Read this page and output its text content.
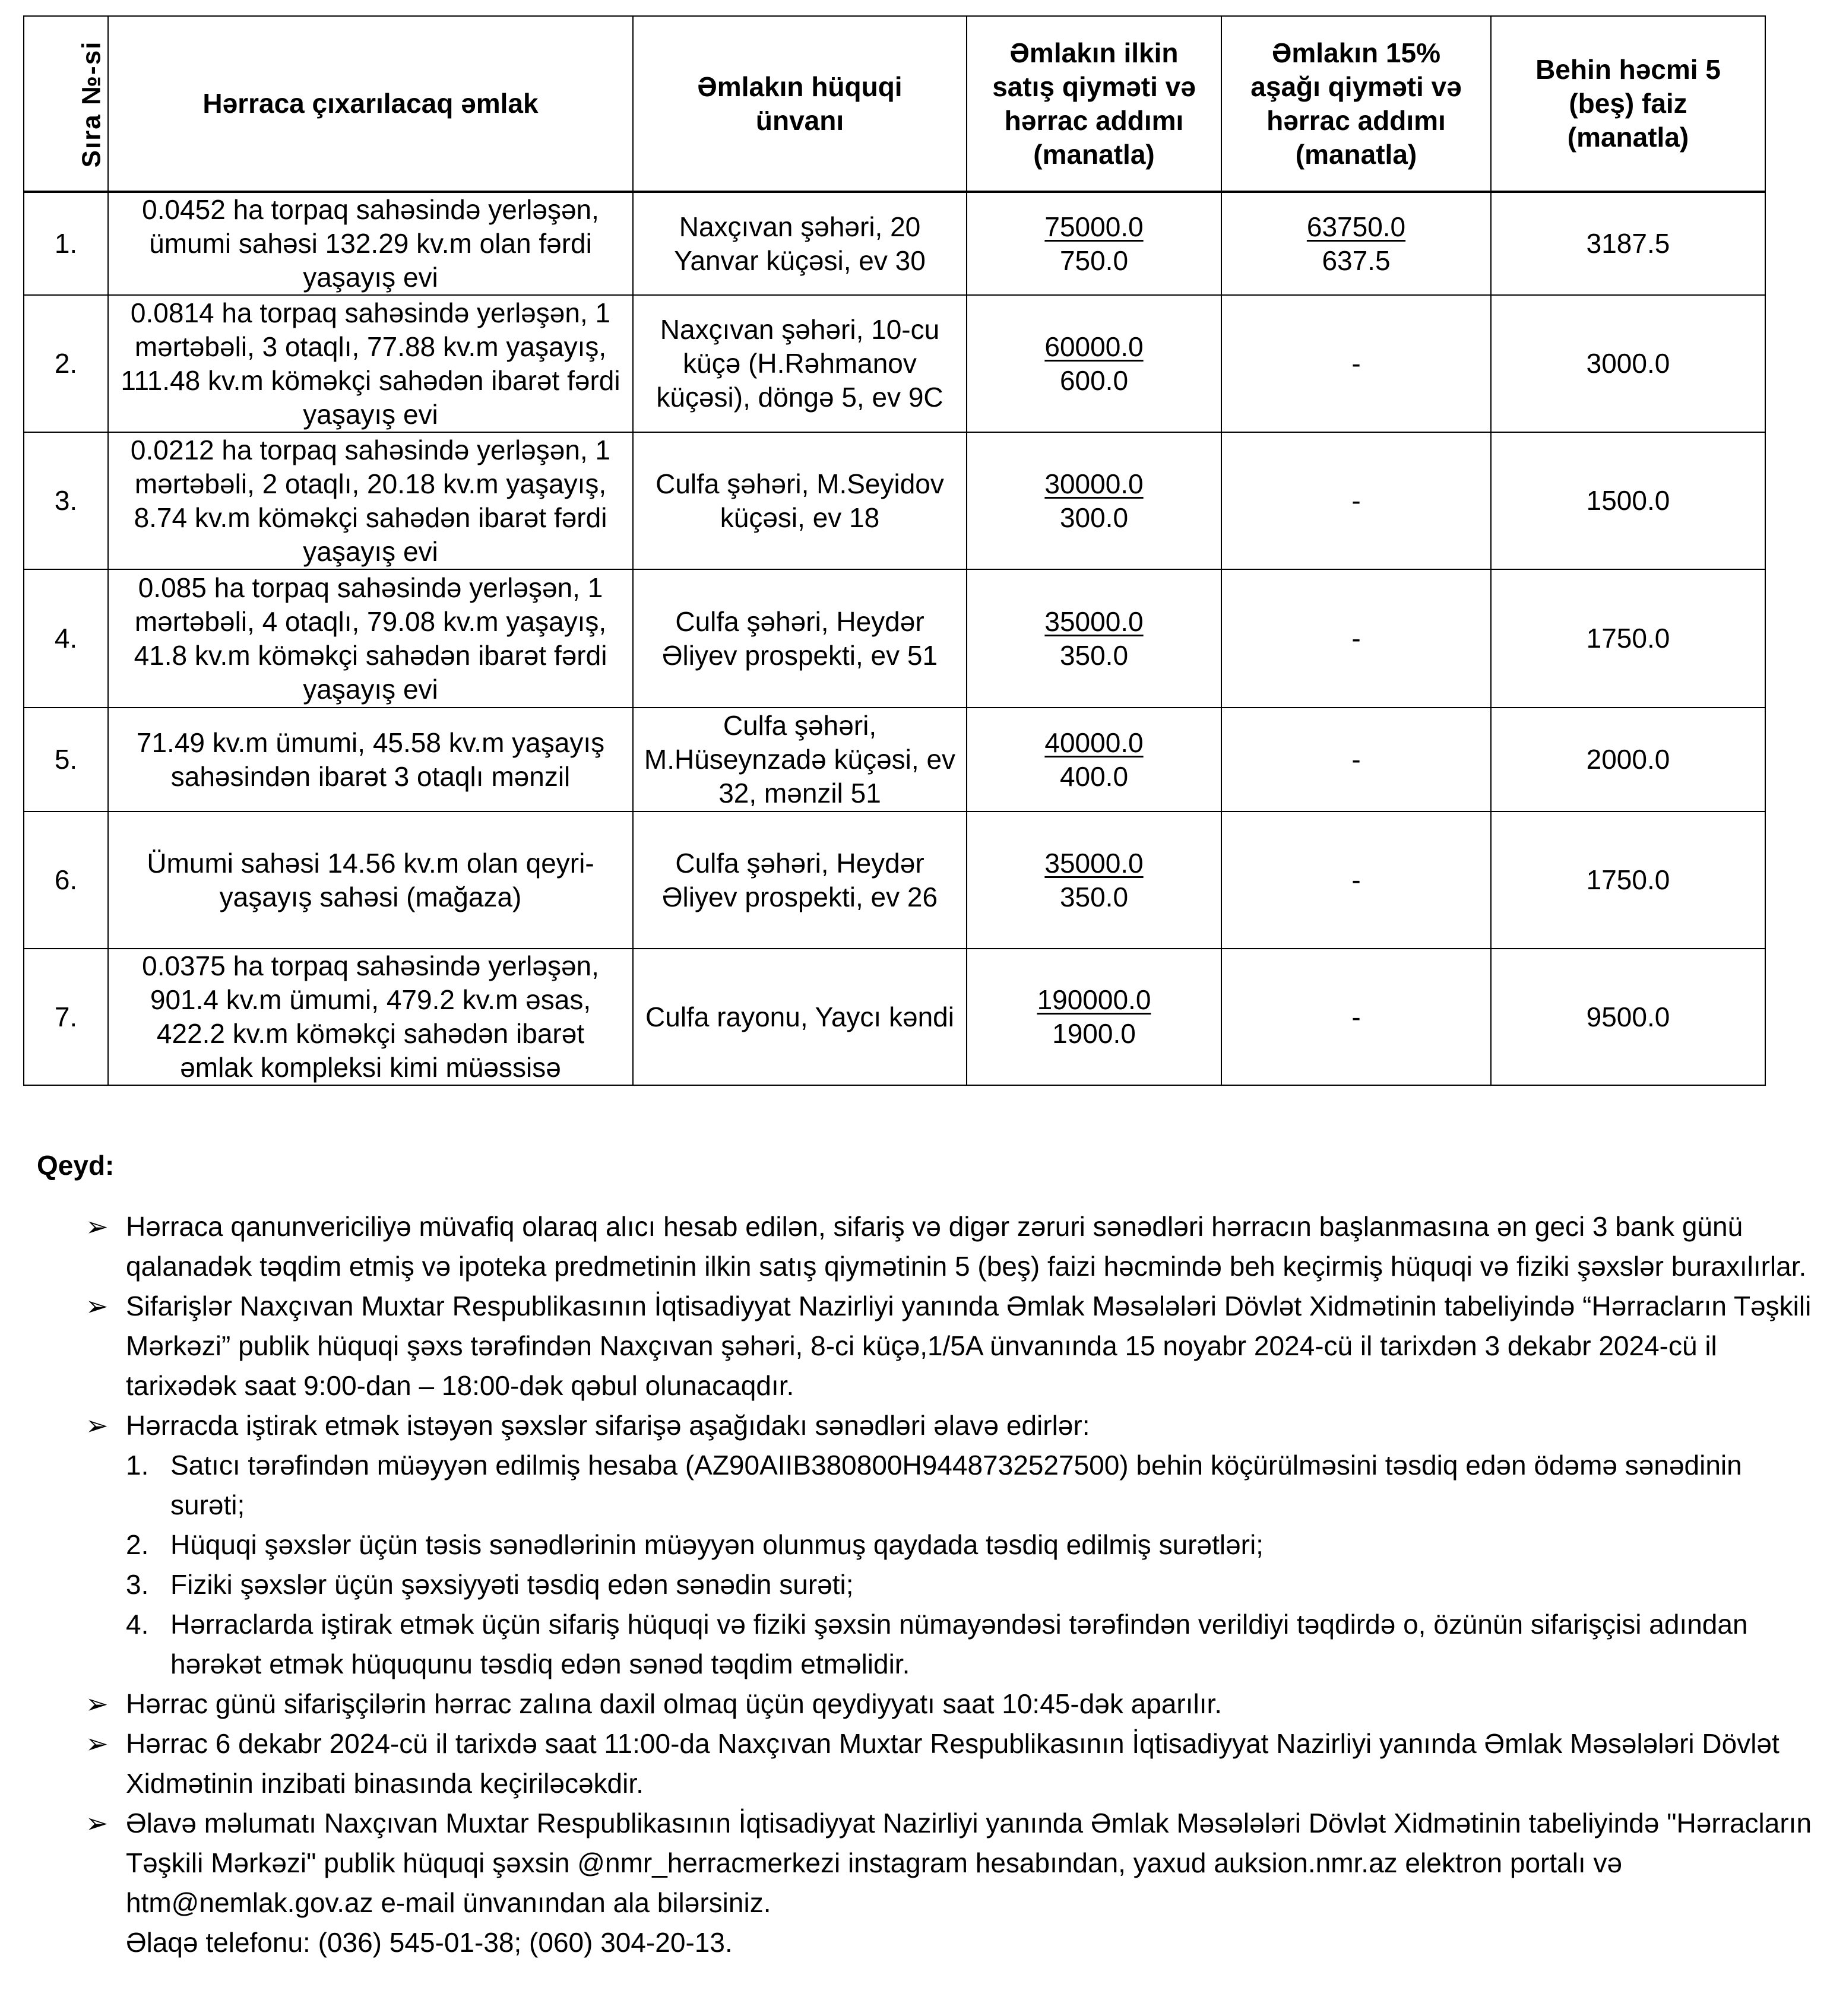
Sıra №-si	Hərraca çıxarılacaq əmlak	Əmlakın hüquqi ünvanı	Əmlakın ilkin satış qiyməti və hərrac addımı (manatla)	Əmlakın 15% aşağı qiyməti və hərrac addımı (manatla)	Behin həcmi 5 (beş) faiz (manatla)
1.	0.0452 ha torpaq sahəsində yerləşən, ümumi sahəsi 132.29 kv.m olan fərdi yaşayış evi	Naxçıvan şəhəri, 20 Yanvar küçəsi, ev 30	$\frac{75000.0}{750.0}$	$\frac{63750.0}{637.5}$	3187.5
2.	0.0814 ha torpaq sahəsində yerləşən, 1 mərtəbəli, 3 otaqlı, 77.88 kv.m yaşayış, 111.48 kv.m köməkçi sahədən ibarət fərdi yaşayış evi	Naxçıvan şəhəri, 10-cu küçə (H.Rəhmanov küçəsi), döngə 5, ev 9C	$\frac{60000.0}{600.0}$	-	3000.0
3.	0.0212 ha torpaq sahəsində yerləşən, 1 mərtəbəli, 2 otaqlı, 20.18 kv.m yaşayış, 8.74 kv.m köməkçi sahədən ibarət fərdi yaşayış evi	Culfa şəhəri, M.Seyidov küçəsi, ev 18	$\frac{30000.0}{300.0}$	-	1500.0
4.	0.085 ha torpaq sahəsində yerləşən, 1 mərtəbəli, 4 otaqlı, 79.08 kv.m yaşayış, 41.8 kv.m köməkçi sahədən ibarət fərdi yaşayış evi	Culfa şəhəri, Heydər Əliyev prospekti, ev 51	$\frac{35000.0}{350.0}$	-	1750.0
5.	71.49 kv.m ümumi, 45.58 kv.m yaşayış sahəsindən ibarət 3 otaqlı mənzil	Culfa şəhəri, M.Hüseynzadə küçəsi, ev 32, mənzil 51	$\frac{40000.0}{400.0}$	-	2000.0
6.	Ümumi sahəsi 14.56 kv.m olan qeyri-yaşayış sahəsi (mağaza)	Culfa şəhəri, Heydər Əliyev prospekti, ev 26	$\frac{35000.0}{350.0}$	-	1750.0
7.	0.0375 ha torpaq sahəsində yerləşən, 901.4 kv.m ümumi, 479.2 kv.m əsas, 422.2 kv.m köməkçi sahədən ibarət əmlak kompleksi kimi müəssisə	Culfa rayonu, Yaycı kəndi	$\frac{190000.0}{1900.0}$	-	9500.0
Qeyd:
➢ Hərraca qanunvericiliyə müvafiq olaraq alıcı hesab edilən, sifariş və digər zəruri sənədləri hərracın başlanmasına ən geci 3 bank günü qalanadək təqdim etmiş və ipoteka predmetinin ilkin satış qiymətinin 5 (beş) faizi həcmində beh keçirmiş hüquqi və fiziki şəxslər buraxılırlar.
➢ Sifarişlər Naxçıvan Muxtar Respublikasının İqtisadiyyat Nazirliyi yanında Əmlak Məsələləri Dövlət Xidmətinin tabeliyində “Hərracların Təşkili Mərkəzi” publik hüquqi şəxs tərəfindən Naxçıvan şəhəri, 8-ci küçə,1/5A ünvanında 15 noyabr 2024-cü il tarixdən 3 dekabr 2024-cü il tarixədək saat 9:00-dan – 18:00-dək qəbul olunacaqdır.
➢ Hərracda iştirak etmək istəyən şəxslər sifarişə aşağıdakı sənədləri əlavə edirlər:
1. Satıcı tərəfindən müəyyən edilmiş hesaba (AZ90AIIB380800H9448732527500) behin köçürülməsini təsdiq edən ödəmə sənədinin surəti;
2. Hüquqi şəxslər üçün təsis sənədlərinin müəyyən olunmuş qaydada təsdiq edilmiş surətləri;
3. Fiziki şəxslər üçün şəxsiyyəti təsdiq edən sənədin surəti;
4. Hərraclarda iştirak etmək üçün sifariş hüquqi və fiziki şəxsin nümayəndəsi tərəfindən verildiyi təqdirdə o, özünün sifarişçisi adından hərəkət etmək hüququnu təsdiq edən sənəd təqdim etməlidir.
➢ Hərrac günü sifarişçilərin hərrac zalına daxil olmaq üçün qeydiyyatı saat 10:45-dək aparılır.
➢ Hərrac 6 dekabr 2024-cü il tarixdə saat 11:00-da Naxçıvan Muxtar Respublikasının İqtisadiyyat Nazirliyi yanında Əmlak Məsələləri Dövlət Xidmətinin inzibati binasında keçiriləcəkdir.
➢ Əlavə məlumatı Naxçıvan Muxtar Respublikasının İqtisadiyyat Nazirliyi yanında Əmlak Məsələləri Dövlət Xidmətinin tabeliyində "Hərracların Təşkili Mərkəzi" publik hüquqi şəxsin @nmr_herracmerkezi instagram hesabından, yaxud auksion.nmr.az elektron portalı və htm@nemlak.gov.az e-mail ünvanından ala bilərsiniz.
Əlaqə telefonu: (036) 545-01-38; (060) 304-20-13.
